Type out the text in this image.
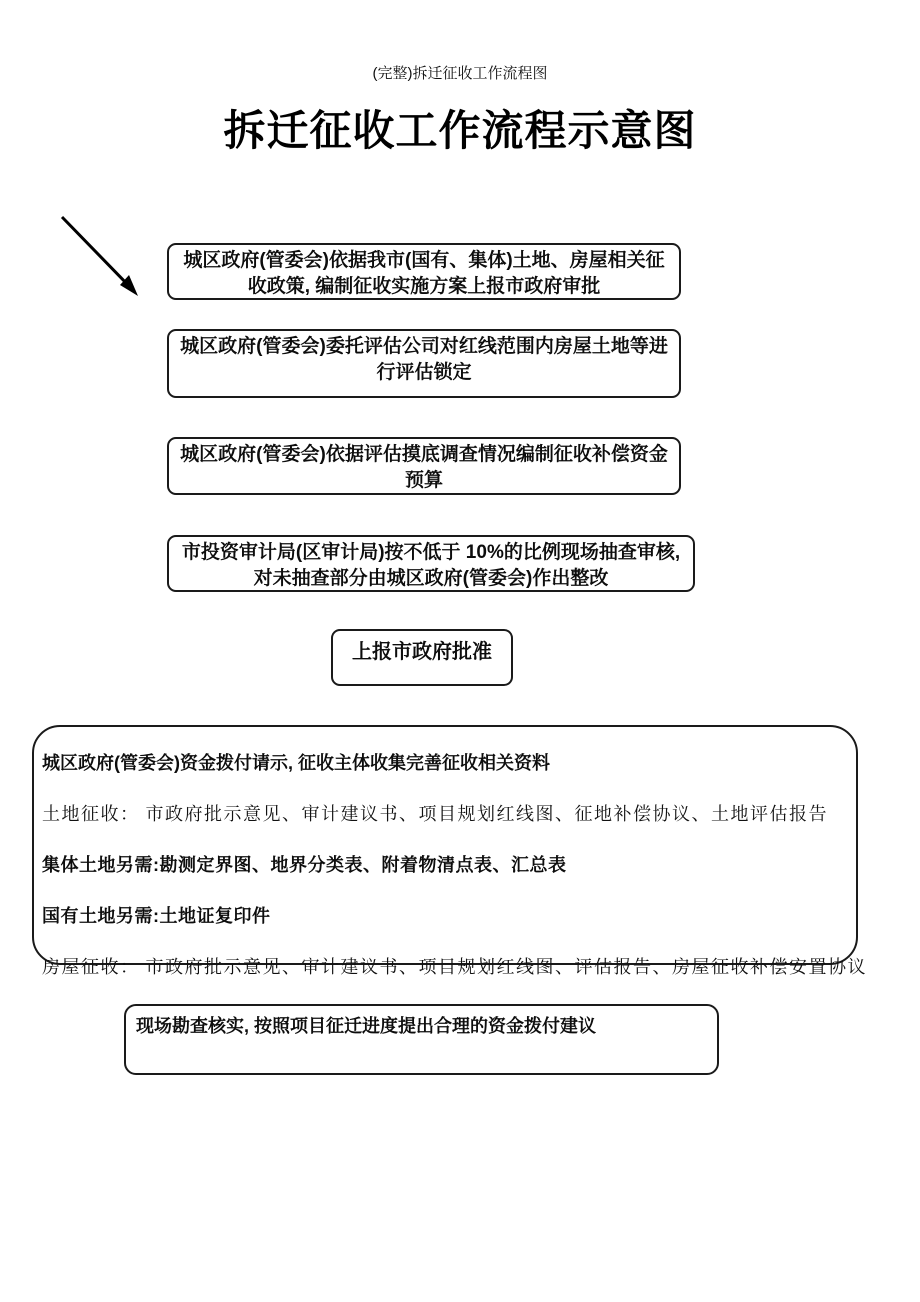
(完整)拆迁征收工作流程图
拆迁征收工作流程示意图
城区政府(管委会)依据我市(国有、集体)土地、房屋相关征收政策, 编制征收实施方案上报市政府审批
城区政府(管委会)委托评估公司对红线范围内房屋土地等进行评估锁定
城区政府(管委会)依据评估摸底调查情况编制征收补偿资金预算
市投资审计局(区审计局)按不低于 10%的比例现场抽查审核, 对未抽查部分由城区政府(管委会)作出整改
上报市政府批准
城区政府(管委会)资金拨付请示, 征收主体收集完善征收相关资料
土地征收： 市政府批示意见、审计建议书、项目规划红线图、征地补偿协议、土地评估报告
集体土地另需:勘测定界图、地界分类表、附着物清点表、汇总表
国有土地另需:土地证复印件
房屋征收： 市政府批示意见、审计建议书、项目规划红线图、评估报告、房屋征收补偿安置协议
现场勘查核实, 按照项目征迁进度提出合理的资金拨付建议
